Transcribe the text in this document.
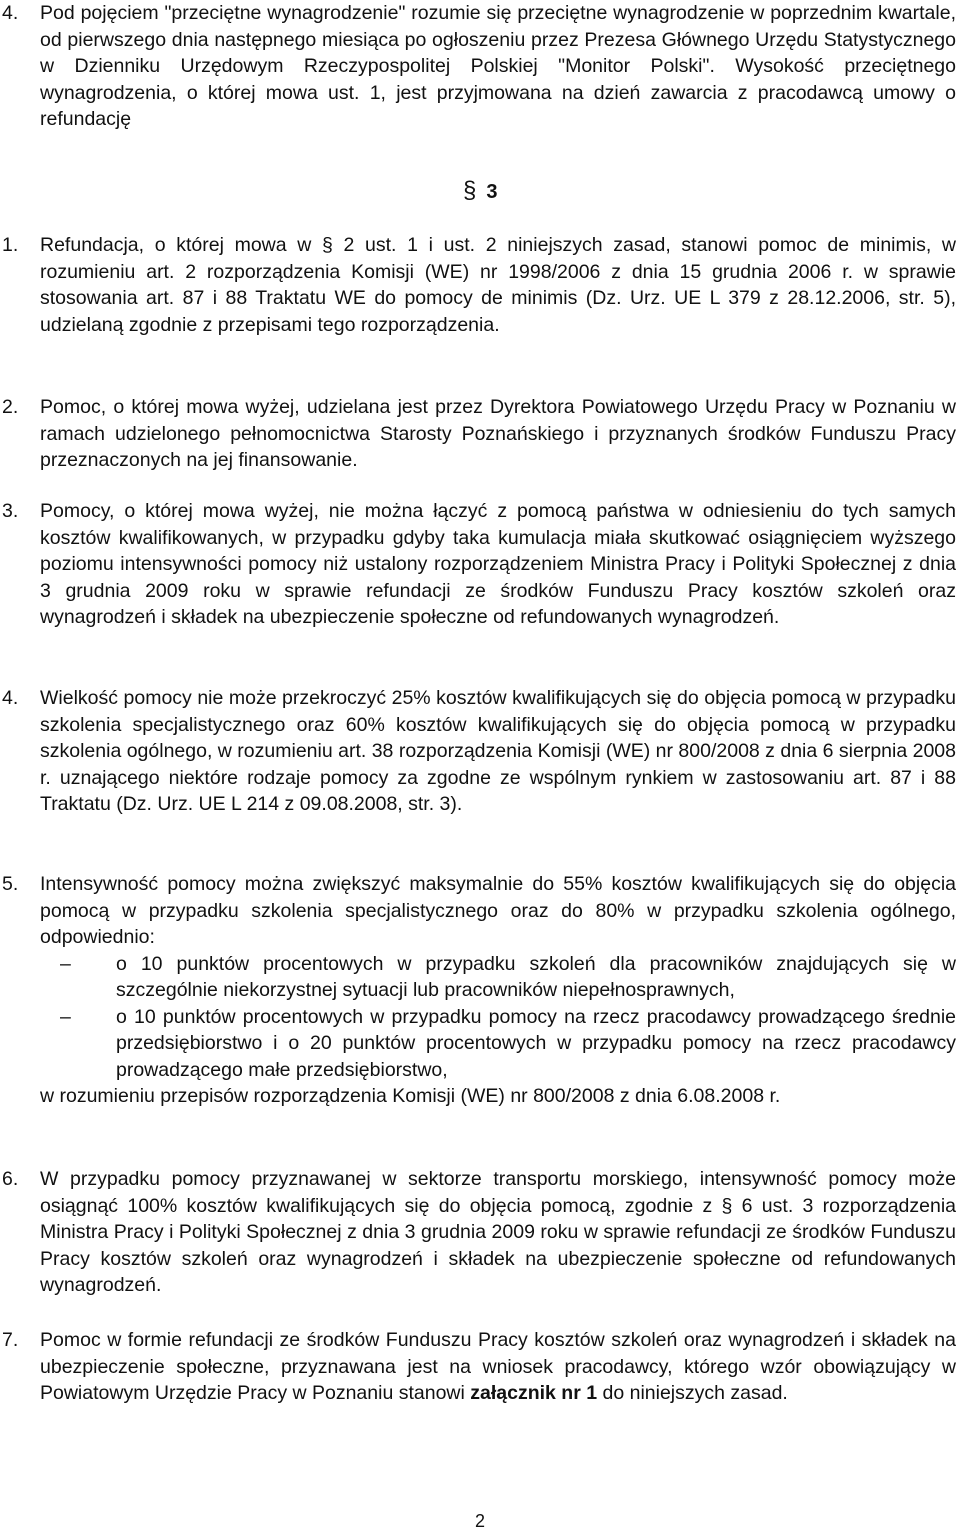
4. Pod pojęciem "przeciętne wynagrodzenie" rozumie się przeciętne wynagrodzenie w poprzednim kwartale, od pierwszego dnia następnego miesiąca po ogłoszeniu przez Prezesa Głównego Urzędu Statystycznego w Dzienniku Urzędowym Rzeczypospolitej Polskiej "Monitor Polski". Wysokość przeciętnego wynagrodzenia, o której mowa ust. 1, jest przyjmowana na dzień zawarcia z pracodawcą umowy o refundację

§ 3
1. Refundacja, o której mowa w § 2 ust. 1 i ust. 2 niniejszych zasad, stanowi pomoc de minimis, w rozumieniu art. 2 rozporządzenia Komisji (WE) nr 1998/2006 z dnia 15 grudnia 2006 r. w sprawie stosowania art. 87 i 88 Traktatu WE do pomocy de minimis (Dz. Urz. UE L 379 z 28.12.2006, str. 5), udzielaną zgodnie z przepisami tego rozporządzenia.

2. Pomoc, o której mowa wyżej, udzielana jest przez Dyrektora Powiatowego Urzędu Pracy w Poznaniu w ramach udzielonego pełnomocnictwa Starosty Poznańskiego i przyznanych środków Funduszu Pracy przeznaczonych na jej finansowanie.

3. Pomocy, o której mowa wyżej, nie można łączyć z pomocą państwa w odniesieniu do tych samych kosztów kwalifikowanych, w przypadku gdyby taka kumulacja miała skutkować osiągnięciem wyższego poziomu intensywności pomocy niż ustalony rozporządzeniem Ministra Pracy i Polityki Społecznej z dnia 3 grudnia 2009 roku w sprawie refundacji ze środków Funduszu Pracy kosztów szkoleń oraz wynagrodzeń i składek na ubezpieczenie społeczne od refundowanych wynagrodzeń.

4. Wielkość pomocy nie może przekroczyć 25% kosztów kwalifikujących się do objęcia pomocą w przypadku szkolenia specjalistycznego oraz 60% kosztów kwalifikujących się do objęcia pomocą w przypadku szkolenia ogólnego, w rozumieniu art. 38 rozporządzenia Komisji (WE) nr 800/2008 z dnia 6 sierpnia 2008 r. uznającego niektóre rodzaje pomocy za zgodne ze wspólnym rynkiem w zastosowaniu art. 87 i 88 Traktatu (Dz. Urz. UE L 214 z 09.08.2008, str. 3).

5. Intensywność pomocy można zwiększyć maksymalnie do 55% kosztów kwalifikujących się do objęcia pomocą w przypadku szkolenia specjalistycznego oraz do 80% w przypadku szkolenia ogólnego, odpowiednio:

– o 10 punktów procentowych w przypadku szkoleń dla pracowników znajdujących się w szczególnie niekorzystnej sytuacji lub pracowników niepełnosprawnych,
– o 10 punktów procentowych w przypadku pomocy na rzecz pracodawcy prowadzącego średnie przedsiębiorstwo i o 20 punktów procentowych w przypadku pomocy na rzecz pracodawcy prowadzącego małe przedsiębiorstwo,

w rozumieniu przepisów rozporządzenia Komisji (WE) nr 800/2008 z dnia 6.08.2008 r.

6. W przypadku pomocy przyznawanej w sektorze transportu morskiego, intensywność pomocy może osiągnąć 100% kosztów kwalifikujących się do objęcia pomocą, zgodnie z § 6 ust. 3 rozporządzenia Ministra Pracy i Polityki Społecznej z dnia 3 grudnia 2009 roku w sprawie refundacji ze środków Funduszu Pracy kosztów szkoleń oraz wynagrodzeń i składek na ubezpieczenie społeczne od refundowanych wynagrodzeń.

7. Pomoc w formie refundacji ze środków Funduszu Pracy kosztów szkoleń oraz wynagrodzeń i składek na ubezpieczenie społeczne, przyznawana jest na wniosek pracodawcy, którego wzór obowiązujący w Powiatowym Urzędzie Pracy w Poznaniu stanowi załącznik nr 1 do niniejszych zasad.

2
